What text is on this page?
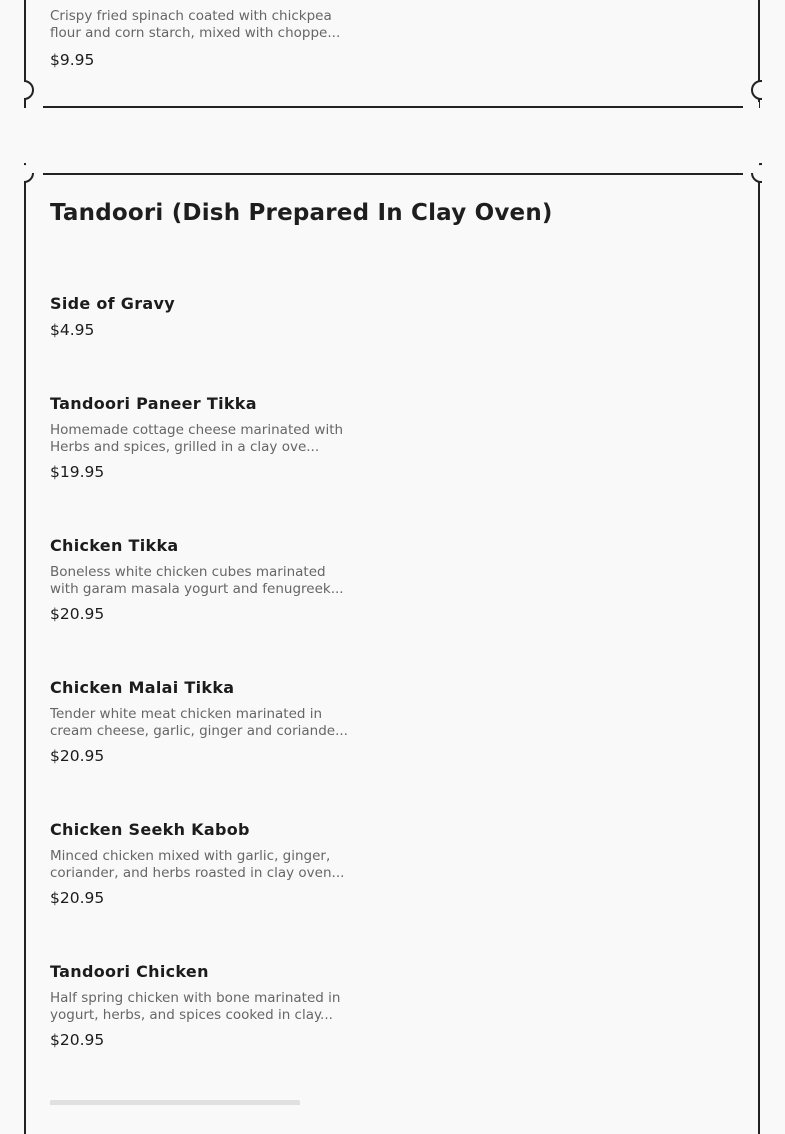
Crispy fried spinach coated with chickpea flour and corn starch, mixed with choppe...

$9.95
Tandoori (Dish Prepared In Clay Oven)

Side of Gravy

$4.95

Tandoori Paneer Tikka

Homemade cottage cheese marinated with Herbs and spices, grilled in a clay ove...

$19.95

Chicken Tikka

Boneless white chicken cubes marinated with garam masala yogurt and fenugreek...

$20.95

Chicken Malai Tikka

Tender white meat chicken marinated in cream cheese, garlic, ginger and coriande...

$20.95

Chicken Seekh Kabob

Minced chicken mixed with garlic, ginger, coriander, and herbs roasted in clay oven...

$20.95

Tandoori Chicken

Half spring chicken with bone marinated in yogurt, herbs, and spices cooked in clay...

$20.95
